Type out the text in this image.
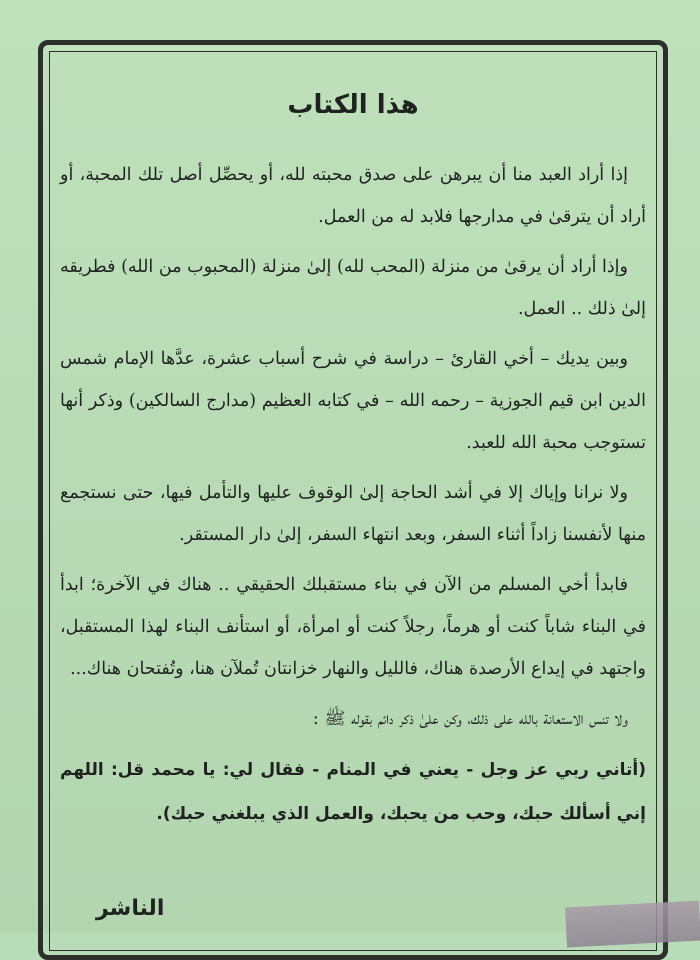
هذا الكتاب

إذا أراد العبد منا أن يبرهن على صدق محبته لله، أو يحصِّل أصل تلك المحبة، أو أراد أن يترقىٰ في مدارجها فلابد له من العمل.

وإذا أراد أن يرقىٰ من منزلة (المحب لله) إلىٰ منزلة (المحبوب من الله) فطريقه إلىٰ ذلك .. العمل.

وبين يديك – أخي القارئ – دراسة في شرح أسباب عشرة، عدَّها الإمام شمس الدين ابن قيم الجوزية – رحمه الله – في كتابه العظيم (مدارج السالكين) وذكر أنها تستوجب محبة الله للعبد.

ولا نرانا وإياك إلا في أشد الحاجة إلىٰ الوقوف عليها والتأمل فيها، حتى نستجمع منها لأنفسنا زاداً أثناء السفر، وبعد انتهاء السفر، إلىٰ دار المستقر.

فابدأ أخي المسلم من الآن في بناء مستقبلك الحقيقي .. هناك في الآخرة؛ ابدأ في البناء شاباً كنت أو هرماً، رجلاً كنت أو امرأة، أو استأنف البناء لهذا المستقبل، واجتهد في إيداع الأرصدة هناك، فالليل والنهار خزانتان تُملآن هنا، وتُفتحان هناك...

ولا تنس الاستعانة بالله على ذلك، وكن علىٰ ذكر دائم بقوله ﷺ :

(أتاني ربي عز وجل - يعني في المنام - فقال لي: يا محمد قل: اللهم إني أسألك حبك، وحب من يحبك، والعمل الذي يبلغني حبك).

الناشر
